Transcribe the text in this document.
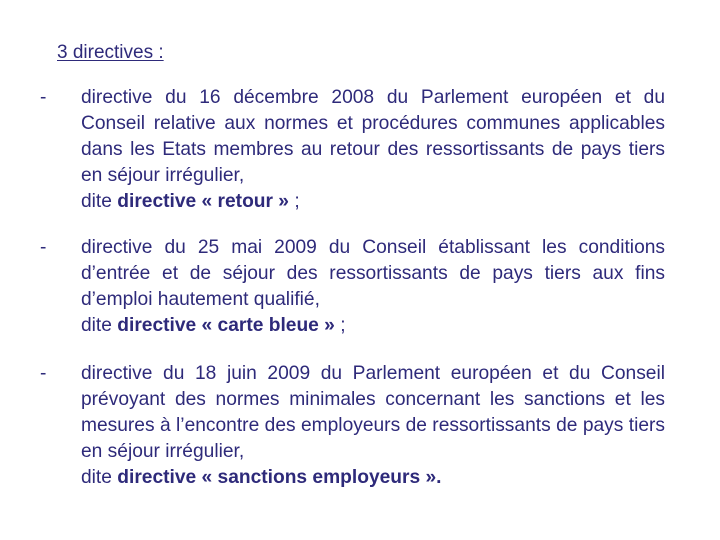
3 directives :
- directive du 16 décembre 2008 du Parlement européen et du Conseil relative aux normes et procédures communes applicables dans les Etats membres au retour des ressortissants de pays tiers en séjour irrégulier,
dite directive « retour » ;
- directive du 25 mai 2009 du Conseil établissant les conditions d’entrée et de séjour des ressortissants de pays tiers aux fins d’emploi hautement qualifié,
dite directive « carte bleue » ;
- directive du 18 juin 2009 du Parlement européen et du Conseil prévoyant des normes minimales concernant les sanctions et les mesures à l’encontre des employeurs de ressortissants de pays tiers en séjour irrégulier,
dite directive « sanctions employeurs ».
